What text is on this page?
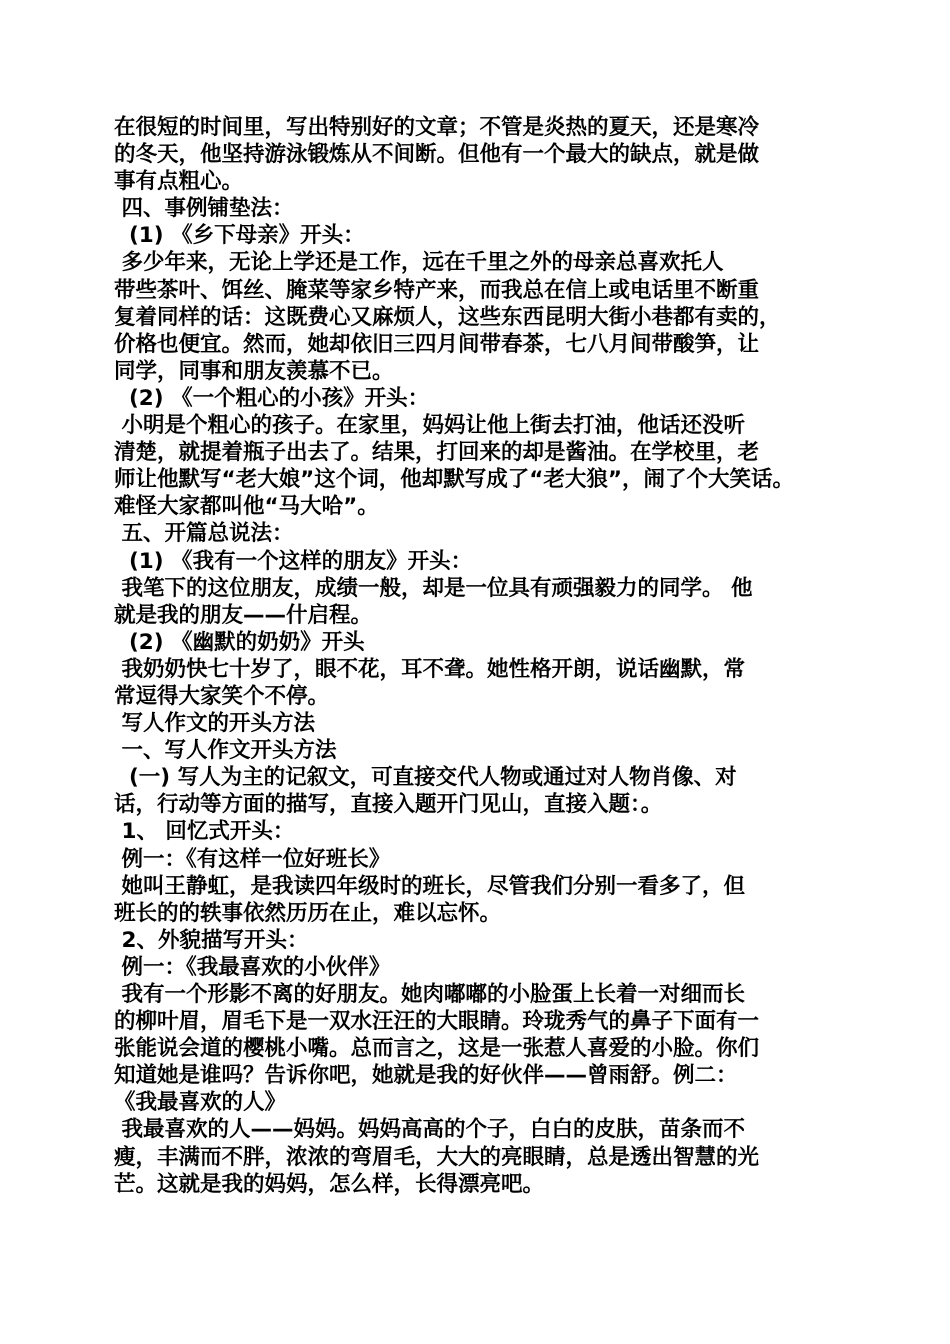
在很短的时间里，写出特别好的文章；不管是炎热的夏天，还是寒冷
的冬天，他坚持游泳锻炼从不间断。但他有一个最大的缺点，就是做
事有点粗心。
四、事例铺垫法：
(1) 《乡下母亲》开头：
多少年来，无论上学还是工作，远在千里之外的母亲总喜欢托人
带些茶叶、饵丝、腌菜等家乡特产来，而我总在信上或电话里不断重
复着同样的话：这既费心又麻烦人，这些东西昆明大街小巷都有卖的，
价格也便宜。然而，她却依旧三四月间带春茶，七八月间带酸笋，让
同学，同事和朋友羡慕不已。
(2) 《一个粗心的小孩》开头：
小明是个粗心的孩子。在家里，妈妈让他上街去打油，他话还没听
清楚，就提着瓶子出去了。结果，打回来的却是酱油。在学校里，老
师让他默写“老大娘”这个词，他却默写成了“老大狼”，闹了个大笑话。
难怪大家都叫他“马大哈”。
五、开篇总说法：
(1) 《我有一个这样的朋友》开头：
我笔下的这位朋友，成绩一般，却是一位具有顽强毅力的同学。 他
就是我的朋友——什启程。
(2) 《幽默的奶奶》开头
我奶奶快七十岁了，眼不花，耳不聋。她性格开朗，说话幽默，常
常逗得大家笑个不停。
写人作文的开头方法
一、写人作文开头方法
(一) 写人为主的记叙文，可直接交代人物或通过对人物肖像、对
话，行动等方面的描写，直接入题开门见山，直接入题：。
1、 回忆式开头：
例一：《有这样一位好班长》
她叫王静虹，是我读四年级时的班长，尽管我们分别一看多了，但
班长的的轶事依然历历在止，难以忘怀。
2、外貌描写开头：
例一：《我最喜欢的小伙伴》
我有一个形影不离的好朋友。她肉嘟嘟的小脸蛋上长着一对细而长
的柳叶眉，眉毛下是一双水汪汪的大眼睛。玲珑秀气的鼻子下面有一
张能说会道的樱桃小嘴。总而言之，这是一张惹人喜爱的小脸。你们
知道她是谁吗？告诉你吧，她就是我的好伙伴——曾雨舒。例二：
《我最喜欢的人》
我最喜欢的人——妈妈。妈妈高高的个子，白白的皮肤，苗条而不
瘦，丰满而不胖，浓浓的弯眉毛，大大的亮眼睛，总是透出智慧的光
芒。这就是我的妈妈，怎么样，长得漂亮吧。
